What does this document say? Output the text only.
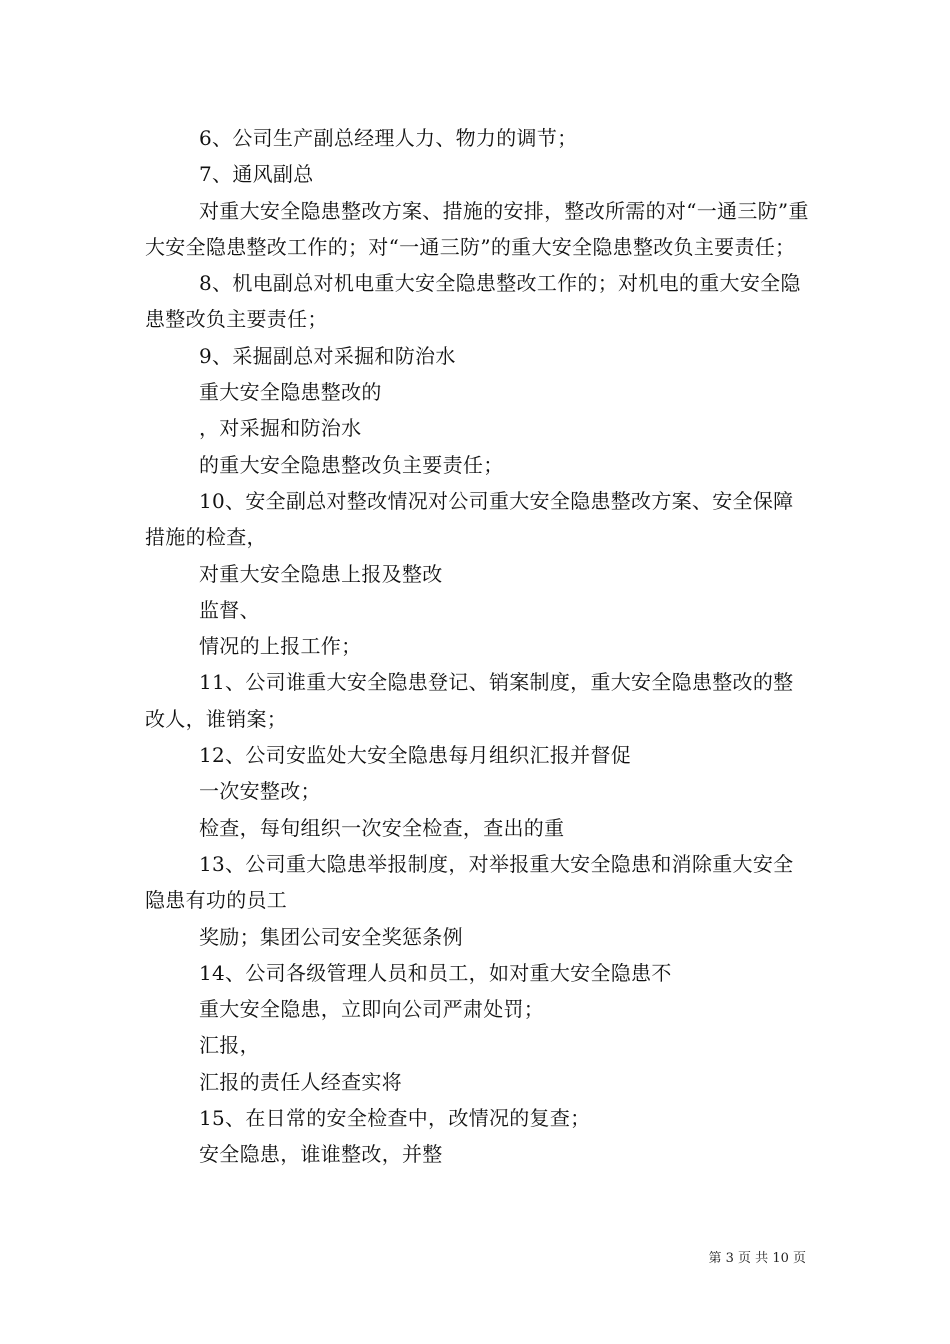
6、公司生产副总经理人力、物力的调节；

7、通风副总

对重大安全隐患整改方案、措施的安排，整改所需的对“一通三防”重大安全隐患整改工作的；对“一通三防”的重大安全隐患整改负主要责任；

8、机电副总对机电重大安全隐患整改工作的；对机电的重大安全隐患整改负主要责任；

9、采掘副总对采掘和防治水

重大安全隐患整改的

，对采掘和防治水

的重大安全隐患整改负主要责任；

10、安全副总对整改情况对公司重大安全隐患整改方案、安全保障措施的检查，

对重大安全隐患上报及整改

监督、

情况的上报工作；

11、公司谁重大安全隐患登记、销案制度，重大安全隐患整改的整改人，谁销案；

12、公司安监处大安全隐患每月组织汇报并督促

一次安整改；

检查，每旬组织一次安全检查，查出的重

13、公司重大隐患举报制度，对举报重大安全隐患和消除重大安全隐患有功的员工

奖励；集团公司安全奖惩条例

14、公司各级管理人员和员工，如对重大安全隐患不

重大安全隐患，立即向公司严肃处罚；

汇报，

汇报的责任人经查实将

15、在日常的安全检查中，改情况的复查；

安全隐患，谁谁整改，并整

第 3 页 共 10 页
